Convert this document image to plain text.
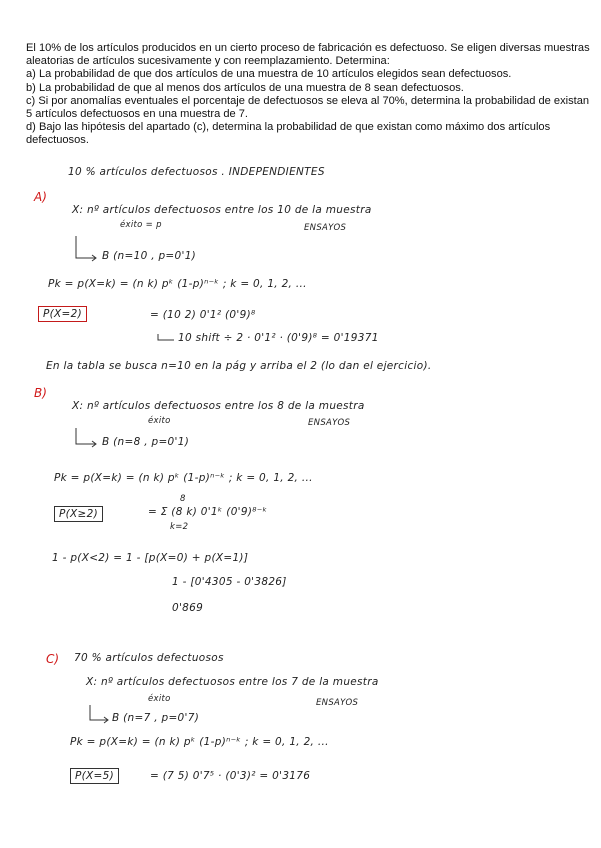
El 10% de los artículos producidos en un cierto proceso de fabricación es defectuoso. Se eligen diversas muestras aleatorias de artículos sucesivamente y con reemplazamiento. Determina:

a) La probabilidad de que dos artículos de una muestra de 10 artículos elegidos sean defectuosos.

b) La probabilidad de que al menos dos artículos de una muestra de 8 sean defectuosos.

c) Si por anomalías eventuales el porcentaje de defectuosos se eleva al 70%, determina la probabilidad de existan 5 artículos defectuosos en una muestra de 7.

d) Bajo las hipótesis del apartado (c), determina la probabilidad de que existan como máximo dos artículos defectuosos.

10 % artículos defectuosos . INDEPENDIENTES
A)
X: nº artículos defectuosos entre los 10 de la muestra
éxito = p	ENSAYOS
B (n=10 , p=0'1)
Pk = p(X=k) = (n k) pᵏ (1-p)ⁿ⁻ᵏ ; k = 0, 1, 2, ...
P(X=2)	= (10 2) 0'1² (0'9)⁸
10 shift ÷ 2 · 0'1² · (0'9)⁸ = 0'19371
En la tabla se busca n=10 en la pág y arriba el 2 (lo dan el ejercicio).
B)
X: nº artículos defectuosos entre los 8 de la muestra
éxito	ENSAYOS
B (n=8 , p=0'1)
Pk = p(X=k) = (n k) pᵏ (1-p)ⁿ⁻ᵏ ; k = 0, 1, 2, ...
8
P(X≥2)	= Σ (8 k) 0'1ᵏ (0'9)⁸⁻ᵏ
k=2
1 - p(X<2) = 1 - [p(X=0) + p(X=1)]
1 - [0'4305 - 0'3826]
0'869
C) 70 % artículos defectuosos
X: nº artículos defectuosos entre los 7 de la muestra
éxito	ENSAYOS
B (n=7 , p=0'7)
Pk = p(X=k) = (n k) pᵏ (1-p)ⁿ⁻ᵏ ; k = 0, 1, 2, ...
P(X=5)	= (7 5) 0'7⁵ · (0'3)² = 0'3176
